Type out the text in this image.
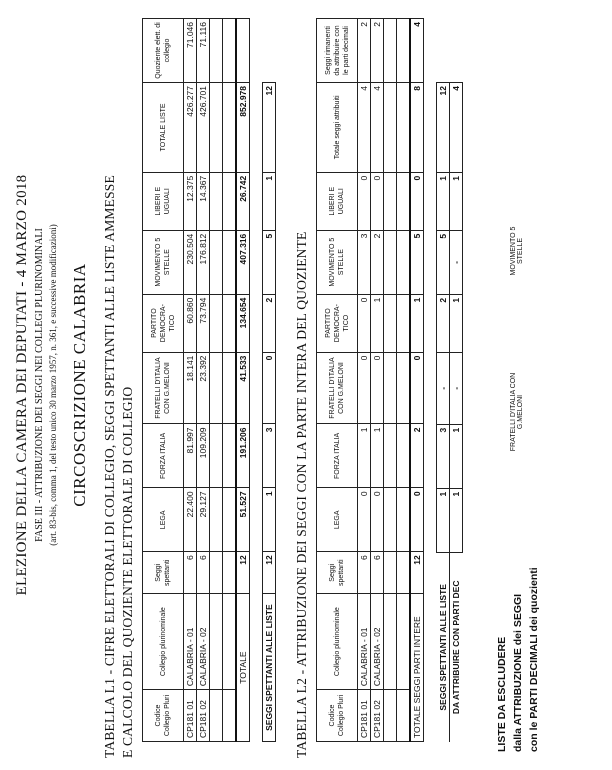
ELEZIONE DELLA CAMERA DEI DEPUTATI - 4 MARZO 2018 FASE III - ATTRIBUZIONE DEI SEGGI NEI COLLEGI PLURINOMINALI (art. 83-bis, comma 1, del testo unico 30 marzo 1957, n. 361, e successive modificazioni) CIRCOSCRIZIONE CALABRIA TABELLA L1 - CIFRE ELETTORALI DI COLLEGIO, SEGGI SPETTANTI ALLE LISTE AMMESSE E CALCOLO DEL QUOZIENTE ELETTORALE DI COLLEGIO	Codice Collegio Pluri	Collegio plurinominale	Seggi spettanti	LEGA	FORZA ITALIA	FRATELLI D'ITALIA CON G.MELONI	PARTITO DEMOCRA-TICO	MOVIMENTO 5 STELLE	LIBERI E UGUALI	TOTALE LISTE	Quoziente elett. di collegio
CP181 01	CALABRIA - 01	6	22.400	81.997	18.141	60.860	230.504	12.375	426.277	71.046
CP181 02	CALABRIA - 02	6	29.127	109.209	23.392	73.794	176.812	14.367	426.701	71.116

TOTALE		12	51.527	191.206	41.533	134.654	407.316	26.742	852.978	
SEGGI SPETTANTI ALLE LISTE	12	1	3	0	2	5	1	12
TABELLA L2 - ATTRIBUZIONE DEI SEGGI CON LA PARTE INTERA DEL QUOZIENTE	Codice Collegio Pluri	Collegio plurinominale	Seggi spettanti	LEGA	FORZA ITALIA	FRATELLI D'ITALIA CON G.MELONI	PARTITO DEMOCRA-TICO	MOVIMENTO 5 STELLE	LIBERI E UGUALI	Totale seggi attribuiti	Seggi rimanenti da attribuire con le parti decimali
CP181 01	CALABRIA - 01	6	0	1	0	0	3	0	4	2
CP181 02	CALABRIA - 02	6	0	1	0	1	2	0	4	2

TOTALE SEGGI PARTI INTERE		12	0	2	0	1	5	0	8	4
SEGGI SPETTANTI ALLE LISTE	1	3	-	2	5	1	12
DA ATTRIBUIRE CON PARTI DEC	1	1	-	1	-	1	4
LISTE DA ESCLUDERE dalla ATTRIBUZIONE dei SEGGI con le PARTI DECIMALI dei quozienti
FRATELLI D'ITALIA CON G.MELONI
MOVIMENTO 5 STELLE
